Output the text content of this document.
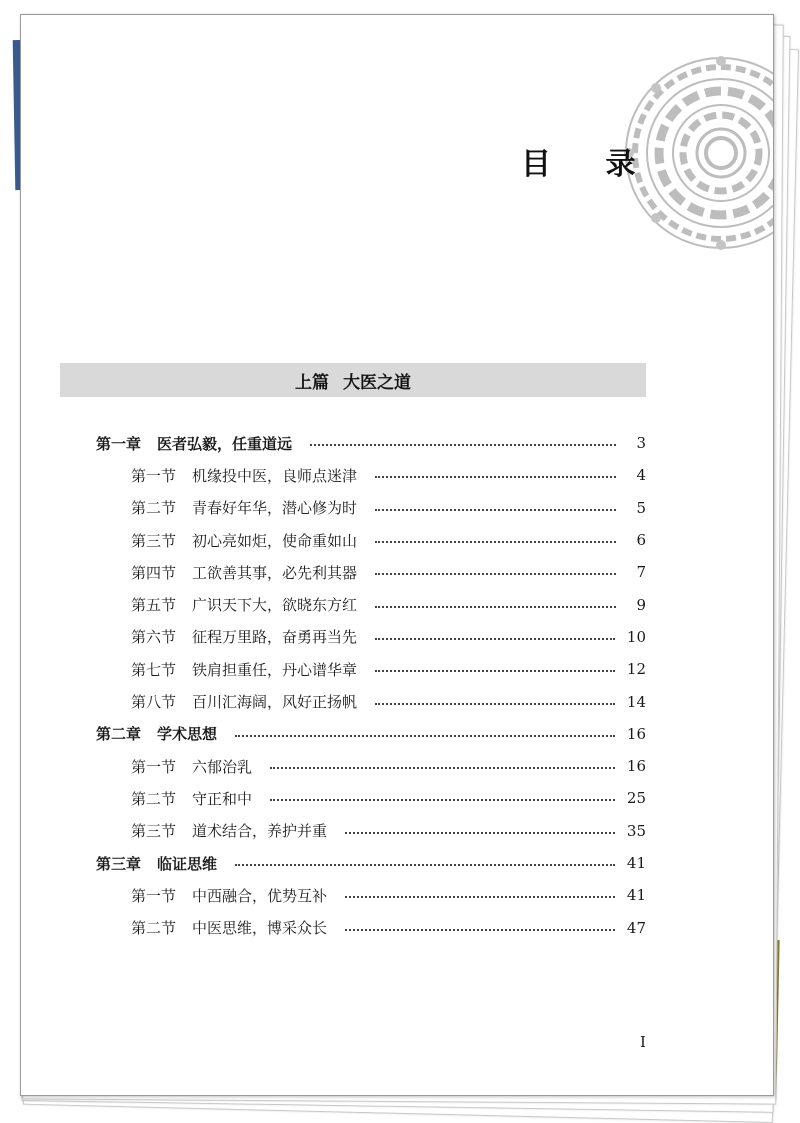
目 录
上篇 大医之道
第一章 医者弘毅，任重道远	3
第一节 机缘投中医，良师点迷津	4
第二节 青春好年华，潜心修为时	5
第三节 初心亮如炬，使命重如山	6
第四节 工欲善其事，必先利其器	7
第五节 广识天下大，欲晓东方红	9
第六节 征程万里路，奋勇再当先	10
第七节 铁肩担重任，丹心谱华章	12
第八节 百川汇海阔，风好正扬帆	14
第二章 学术思想	16
第一节 六郁治乳	16
第二节 守正和中	25
第三节 道术结合，养护并重	35
第三章 临证思维	41
第一节 中西融合，优势互补	41
第二节 中医思维，博采众长	47
I
